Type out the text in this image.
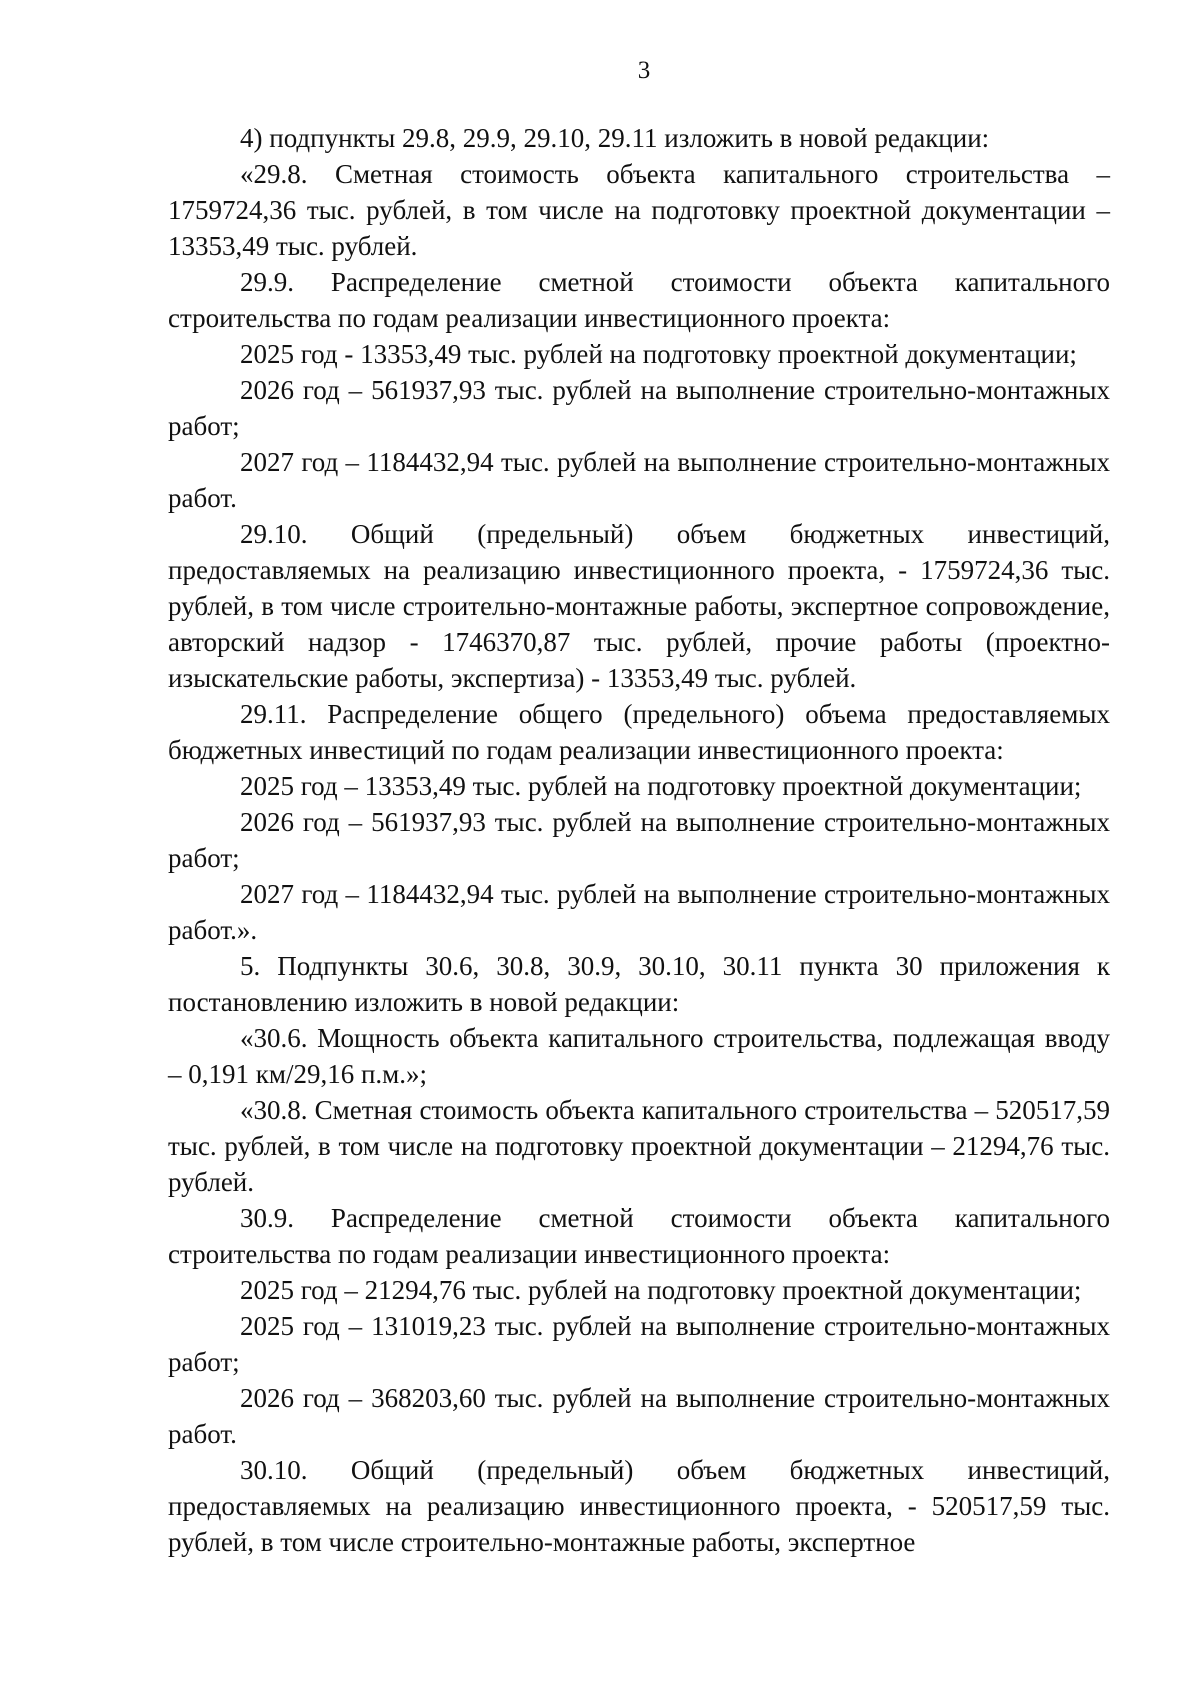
3

4) подпункты 29.8, 29.9, 29.10, 29.11 изложить в новой редакции:

«29.8. Сметная стоимость объекта капитального строительства – 1759724,36 тыс. рублей, в том числе на подготовку проектной документации – 13353,49 тыс. рублей.

29.9. Распределение сметной стоимости объекта капитального строительства по годам реализации инвестиционного проекта:

2025 год - 13353,49 тыс. рублей на подготовку проектной документации;

2026 год – 561937,93 тыс. рублей на выполнение строительно-монтажных работ;

2027 год – 1184432,94 тыс. рублей на выполнение строительно-монтажных работ.

29.10. Общий (предельный) объем бюджетных инвестиций, предоставляемых на реализацию инвестиционного проекта, - 1759724,36 тыс. рублей, в том числе строительно-монтажные работы, экспертное сопровождение, авторский надзор - 1746370,87 тыс. рублей, прочие работы (проектно-изыскательские работы, экспертиза) - 13353,49 тыс. рублей.

29.11. Распределение общего (предельного) объема предоставляемых бюджетных инвестиций по годам реализации инвестиционного проекта:

2025 год – 13353,49 тыс. рублей на подготовку проектной документации;

2026 год – 561937,93 тыс. рублей на выполнение строительно-монтажных работ;

2027 год – 1184432,94 тыс. рублей на выполнение строительно-монтажных работ.».

5. Подпункты 30.6, 30.8, 30.9, 30.10, 30.11 пункта 30 приложения к постановлению изложить в новой редакции:

«30.6. Мощность объекта капитального строительства, подлежащая вводу – 0,191 км/29,16 п.м.»;

«30.8. Сметная стоимость объекта капитального строительства – 520517,59 тыс. рублей, в том числе на подготовку проектной документации – 21294,76 тыс. рублей.

30.9. Распределение сметной стоимости объекта капитального строительства по годам реализации инвестиционного проекта:

2025 год – 21294,76 тыс. рублей на подготовку проектной документации;

2025 год – 131019,23 тыс. рублей на выполнение строительно-монтажных работ;

2026 год – 368203,60 тыс. рублей на выполнение строительно-монтажных работ.

30.10. Общий (предельный) объем бюджетных инвестиций, предоставляемых на реализацию инвестиционного проекта, - 520517,59 тыс. рублей, в том числе строительно-монтажные работы, экспертное
